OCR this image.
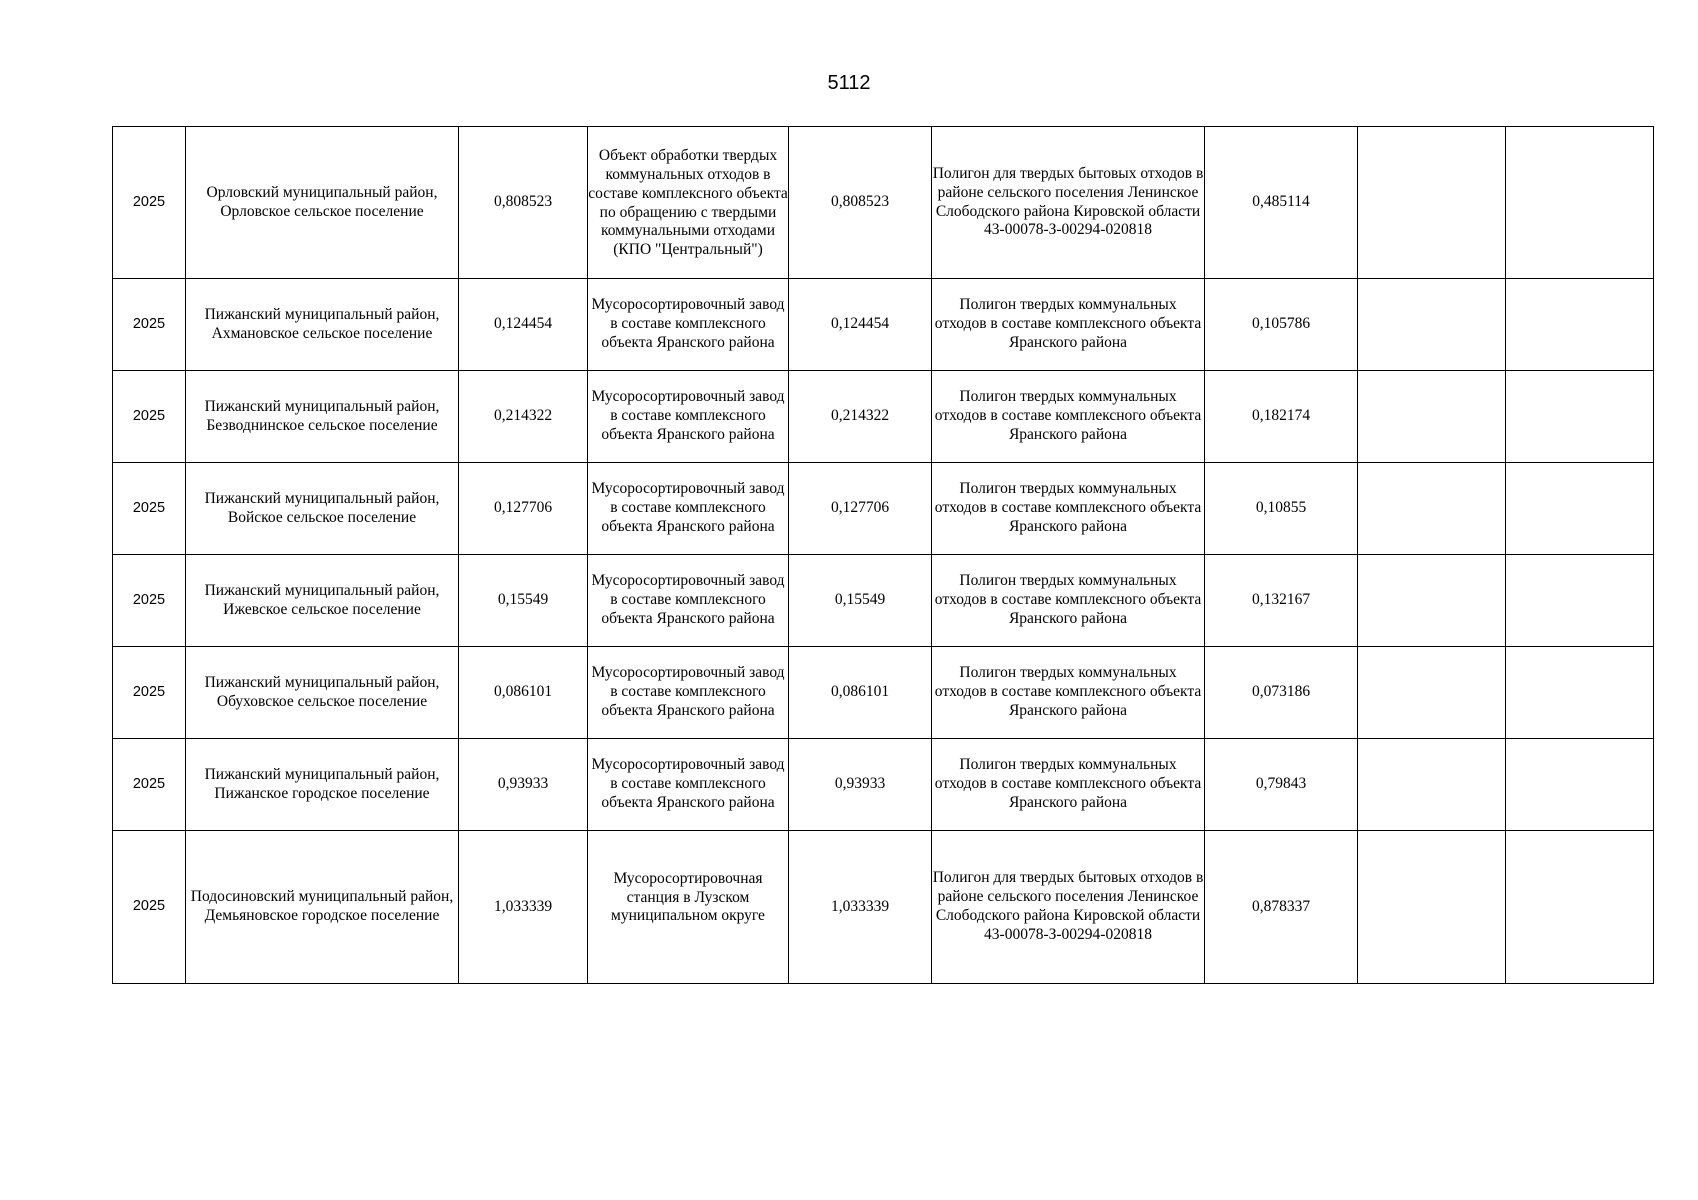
5112
2025	Орловский муниципальный район, Орловское сельское поселение	0,808523	Объект обработки твердых коммунальных отходов в составе комплексного объекта по обращению с твердыми коммунальными отходами (КПО "Центральный")	0,808523	Полигон для твердых бытовых отходов в районе сельского поселения Ленинское Слободского района Кировской области 43-00078-З-00294-020818	0,485114		
2025	Пижанский муниципальный район, Ахмановское сельское поселение	0,124454	Мусоросортировочный завод в составе комплексного объекта Яранского района	0,124454	Полигон твердых коммунальных отходов в составе комплексного объекта Яранского района	0,105786		
2025	Пижанский муниципальный район, Безводнинское сельское поселение	0,214322	Мусоросортировочный завод в составе комплексного объекта Яранского района	0,214322	Полигон твердых коммунальных отходов в составе комплексного объекта Яранского района	0,182174		
2025	Пижанский муниципальный район, Войское сельское поселение	0,127706	Мусоросортировочный завод в составе комплексного объекта Яранского района	0,127706	Полигон твердых коммунальных отходов в составе комплексного объекта Яранского района	0,10855		
2025	Пижанский муниципальный район, Ижевское сельское поселение	0,15549	Мусоросортировочный завод в составе комплексного объекта Яранского района	0,15549	Полигон твердых коммунальных отходов в составе комплексного объекта Яранского района	0,132167		
2025	Пижанский муниципальный район, Обуховское сельское поселение	0,086101	Мусоросортировочный завод в составе комплексного объекта Яранского района	0,086101	Полигон твердых коммунальных отходов в составе комплексного объекта Яранского района	0,073186		
2025	Пижанский муниципальный район, Пижанское городское поселение	0,93933	Мусоросортировочный завод в составе комплексного объекта Яранского района	0,93933	Полигон твердых коммунальных отходов в составе комплексного объекта Яранского района	0,79843		
2025	Подосиновский муниципальный район, Демьяновское городское поселение	1,033339	Мусоросортировочная станция в Лузском муниципальном округе	1,033339	Полигон для твердых бытовых отходов в районе сельского поселения Ленинское Слободского района Кировской области 43-00078-З-00294-020818	0,878337		
